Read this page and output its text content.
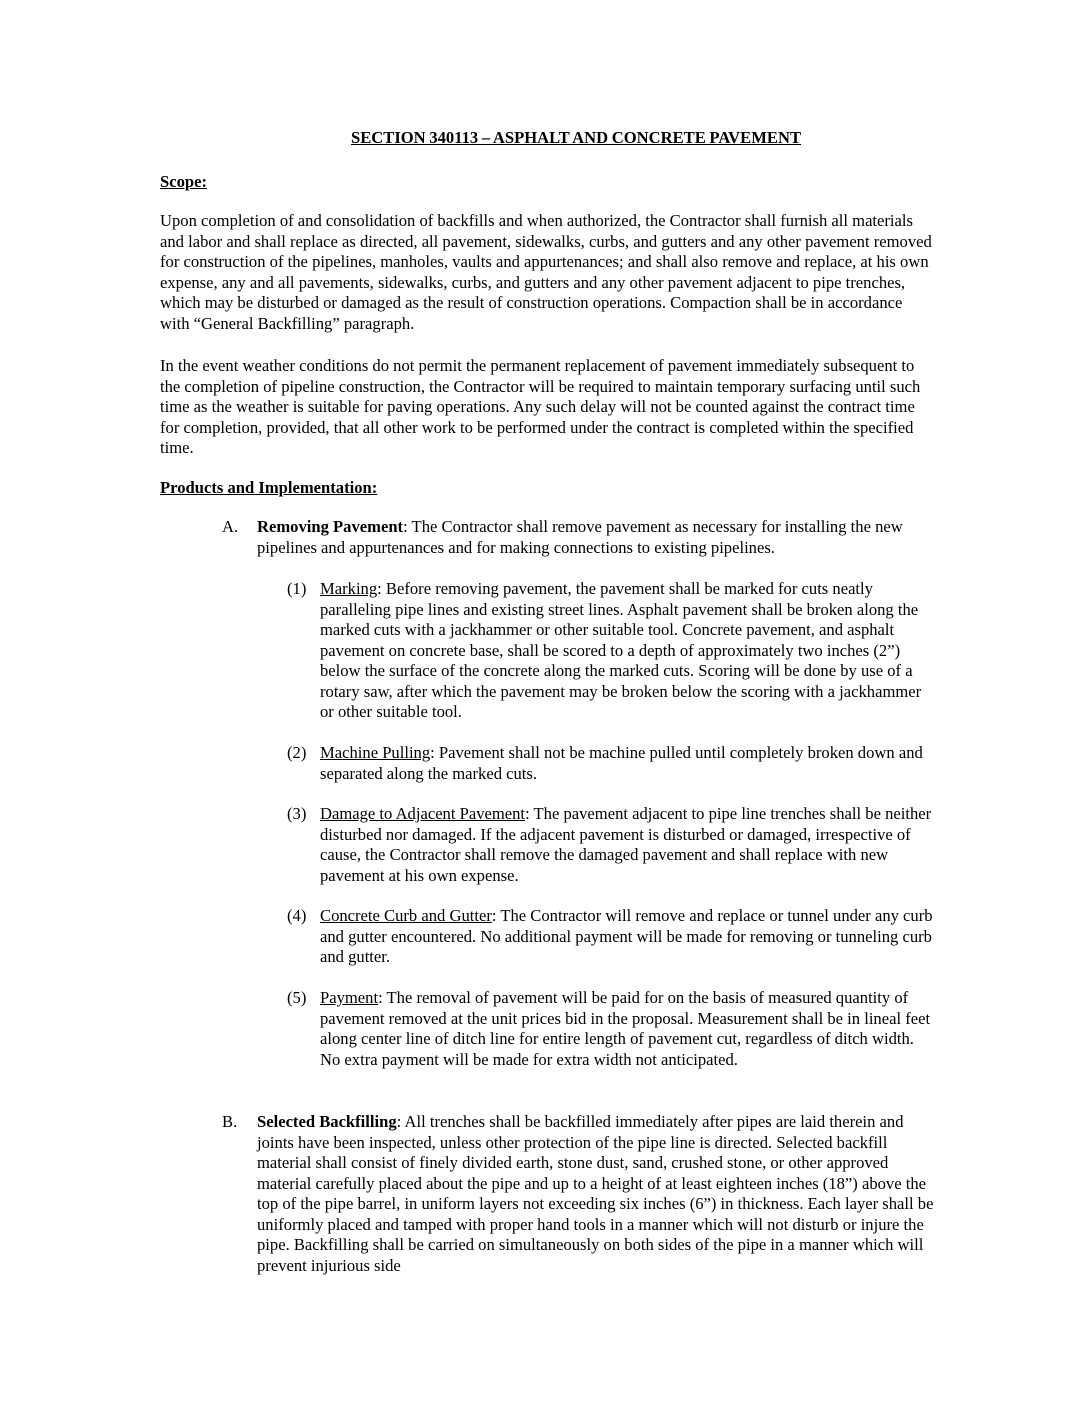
SECTION 340113 – ASPHALT AND CONCRETE PAVEMENT
Scope:

Upon completion of and consolidation of backfills and when authorized, the Contractor shall furnish all materials and labor and shall replace as directed, all pavement, sidewalks, curbs, and gutters and any other pavement removed for construction of the pipelines, manholes, vaults and appurtenances; and shall also remove and replace, at his own expense, any and all pavements, sidewalks, curbs, and gutters and any other pavement adjacent to pipe trenches, which may be disturbed or damaged as the result of construction operations. Compaction shall be in accordance with “General Backfilling” paragraph.

In the event weather conditions do not permit the permanent replacement of pavement immediately subsequent to the completion of pipeline construction, the Contractor will be required to maintain temporary surfacing until such time as the weather is suitable for paving operations. Any such delay will not be counted against the contract time for completion, provided, that all other work to be performed under the contract is completed within the specified time.

Products and Implementation:
A. Removing Pavement: The Contractor shall remove pavement as necessary for installing the new pipelines and appurtenances and for making connections to existing pipelines.
(1) Marking: Before removing pavement, the pavement shall be marked for cuts neatly paralleling pipe lines and existing street lines. Asphalt pavement shall be broken along the marked cuts with a jackhammer or other suitable tool. Concrete pavement, and asphalt pavement on concrete base, shall be scored to a depth of approximately two inches (2”) below the surface of the concrete along the marked cuts. Scoring will be done by use of a rotary saw, after which the pavement may be broken below the scoring with a jackhammer or other suitable tool.
(2) Machine Pulling: Pavement shall not be machine pulled until completely broken down and separated along the marked cuts.
(3) Damage to Adjacent Pavement: The pavement adjacent to pipe line trenches shall be neither disturbed nor damaged. If the adjacent pavement is disturbed or damaged, irrespective of cause, the Contractor shall remove the damaged pavement and shall replace with new pavement at his own expense.
(4) Concrete Curb and Gutter: The Contractor will remove and replace or tunnel under any curb and gutter encountered. No additional payment will be made for removing or tunneling curb and gutter.
(5) Payment: The removal of pavement will be paid for on the basis of measured quantity of pavement removed at the unit prices bid in the proposal. Measurement shall be in lineal feet along center line of ditch line for entire length of pavement cut, regardless of ditch width. No extra payment will be made for extra width not anticipated.
B. Selected Backfilling: All trenches shall be backfilled immediately after pipes are laid therein and joints have been inspected, unless other protection of the pipe line is directed. Selected backfill material shall consist of finely divided earth, stone dust, sand, crushed stone, or other approved material carefully placed about the pipe and up to a height of at least eighteen inches (18”) above the top of the pipe barrel, in uniform layers not exceeding six inches (6”) in thickness. Each layer shall be uniformly placed and tamped with proper hand tools in a manner which will not disturb or injure the pipe. Backfilling shall be carried on simultaneously on both sides of the pipe in a manner which will prevent injurious side
